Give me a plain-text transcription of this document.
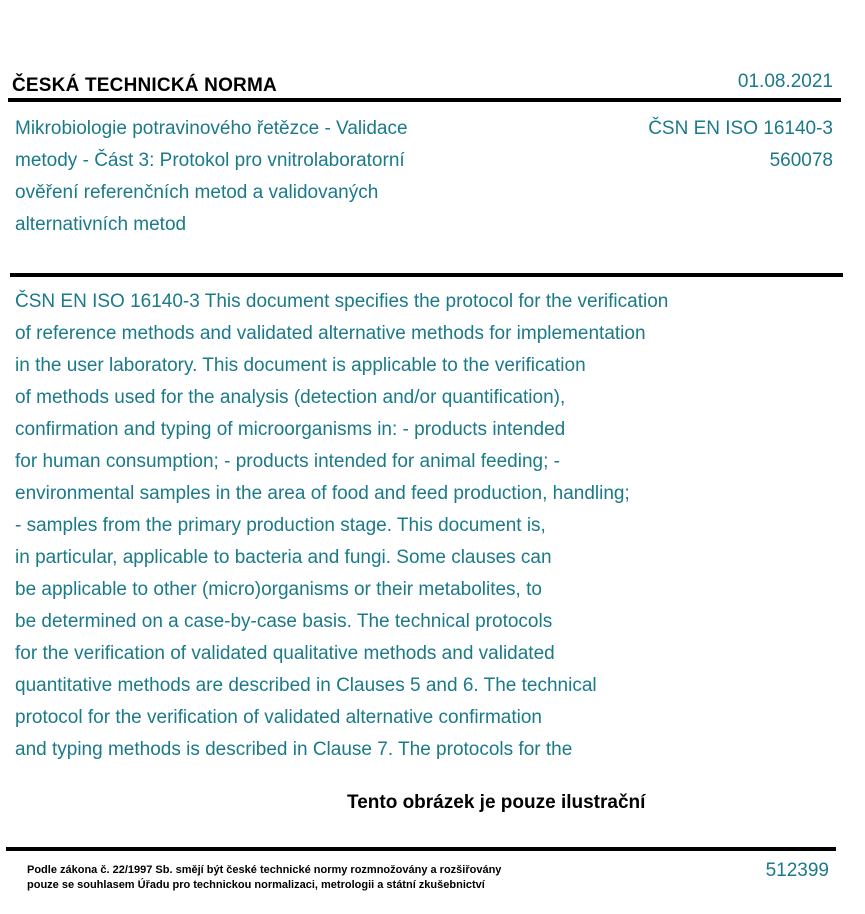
ČESKÁ TECHNICKÁ NORMA	01.08.2021
Mikrobiologie potravinového řetězce - Validace
metody - Část 3: Protokol pro vnitrolaboratorní
ověření referenčních metod a validovaných
alternativních metod
ČSN EN ISO 16140-3
560078
ČSN EN ISO 16140-3 This document specifies the protocol for the verification
of reference methods and validated alternative methods for implementation
in the user laboratory. This document is applicable to the verification
of methods used for the analysis (detection and/or quantification),
confirmation and typing of microorganisms in: - products intended
for human consumption; - products intended for animal feeding; -
environmental samples in the area of food and feed production, handling;
- samples from the primary production stage. This document is,
in particular, applicable to bacteria and fungi. Some clauses can
be applicable to other (micro)organisms or their metabolites, to
be determined on a case-by-case basis. The technical protocols
for the verification of validated qualitative methods and validated
quantitative methods are described in Clauses 5 and 6. The technical
protocol for the verification of validated alternative confirmation
and typing methods is described in Clause 7. The protocols for the
Tento obrázek je pouze ilustrační
Podle zákona č. 22/1997 Sb. smějí být české technické normy rozmnožovány a rozšiřovány
pouze se souhlasem Úřadu pro technickou normalizaci, metrologii a státní zkušebnictví
512399
